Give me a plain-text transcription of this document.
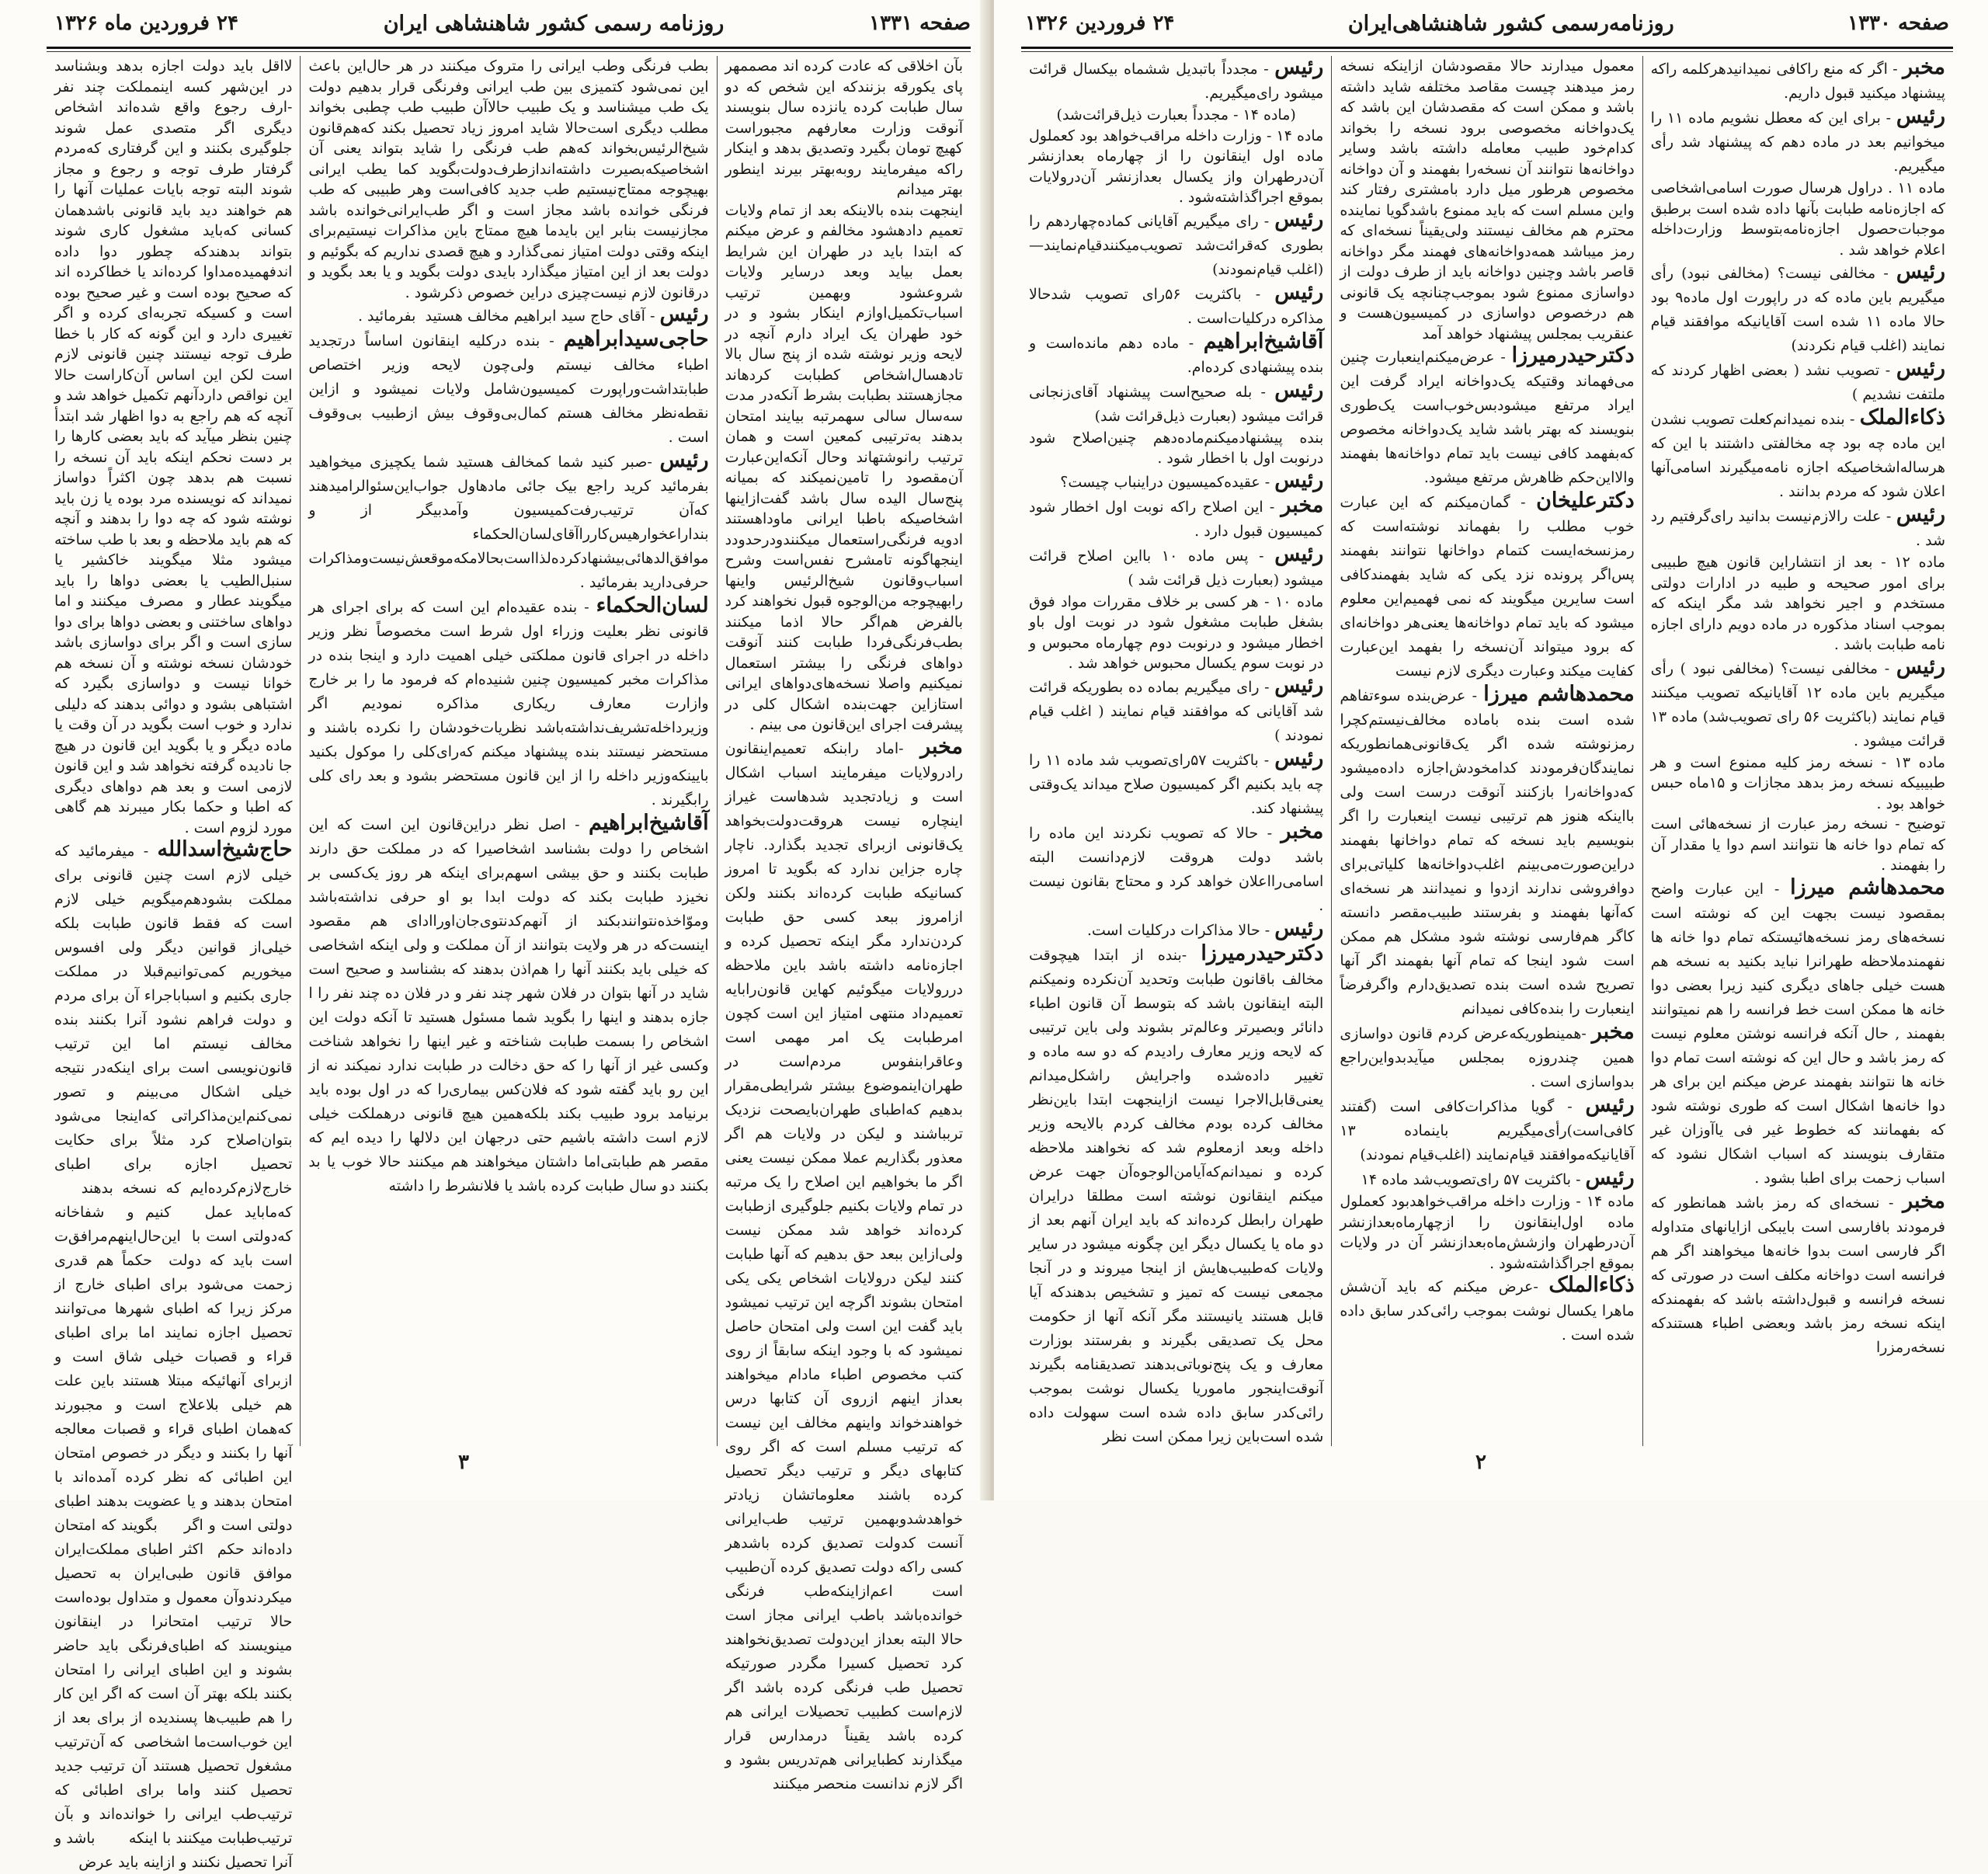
صفحه ۱۳۳۱
روزنامه رسمی کشور شاهنشاهی ایران
۲۴ فروردین ماه ۱۳۲۶

بآن اخلاقی که عادت کرده اند مصممهر پای یکورقه بزنندکه این شخص که دو سال طبابت کرده یانزده سال بنویسند آنوقت وزارت معارفهم مجبوراست کهیچ تومان بگیرد وتصدیق بدهد و اینکار راکه میفرمایند روبه‌بهتر بیرند اینطور بهتر میدانم

اینجهت بنده بالاینکه بعد از تمام ولایات تعمیم دادهشود مخالفم و عرض میکنم که ابتدا باید در طهران این شرایط بعمل بیاید وبعد درسایر ولایات شروعشود وبهمین ترتیب اسباب‌تکمیل‌اوازم اینکار بشود و در خود طهران یک ایراد دارم آنچه در لایحه وزیر نوشته شده از پنج سال بالا تادهسال‌اشخاص کطبابت کردهاند مجازهستند بطبابت بشرط آنکه‌در مدت سه‌سال سالی سهمرتبه بیایند امتحان بدهند به‌ترتیبی کمعین است و همان ترتیب رانوشتهاند وحال آنکه‌این‌عبارت آن‌مقصود را تامین‌نمیکند که بمیانه پنج‌سال الیده سال باشد گفت‌ازاینها اشخاصیکه باطبا ایرانی ماوداهستند ادویه فرنگی‌راستعمال میکنندودرحدودد اینجهاگونه تامشرح نفس‌است وشرح اسباب‌وقانون شیخ‌الرئیس واینها رابهیچوجه من‌الوجوه قبول نخواهند کرد بالفرض هم‌اگر حالا اذما میکنند بطب‌فرنگی‌فردا طبابت کنند آنوقت دواهای فرنگی را بیشتر استعمال نمیکنیم واصلا نسخه‌های‌دواهای ایرانی استازاین جهت‌بنده اشکال کلی در پیشرفت اجرای این‌قانون می بینم .

مخبر -اماد رابنکه تعمیم‌اینقانون رادرولایات میفرمایند اسباب اشکال است و زیادتجدید شدهاست غیراز اینچاره نیست هروقت‌دولت‌بخواهد یک‌قانونی ازبرای تجدید بگذارد. ناچار چاره جزاین ندارد که بگوید تا امروز کسانیکه طبابت کرده‌اند بکنند ولکن ازامروز ببعد کسی حق طبابت کردن‌ندارد مگر اینکه تحصیل کرده و اجازه‌نامه داشته باشد باین ملاحظه دررولایات میگوئیم کهاین قانون‌رابایه تعمیم‌داد منتهی امتیاز این است کچون امرطبابت یک امر مهمی است وعاقرابنفوس مردم‌است در طهران‌اینموضوع بیشتر شرایطی‌مقرار بدهیم که‌اطبای طهران‌بایصحت نزدیک تربباشند و لیکن در ولایات هم اگر معذور بگذاریم عملا ممکن نیست یعنی اگر ما بخواهیم این اصلاح را یک مرتبه در تمام ولایات بکنیم جلوگیری ازطبابت کرده‌اند خواهد شد ممکن نیست ولی‌ازاین ببعد حق بدهیم که آنها طبابت کنند لیکن درولایات اشخاص یکی یکی امتحان بشوند اگرچه این ترتیب نمیشود باید گفت این است ولی امتحان حاصل نمیشود که با وجود اینکه سابقاً از روی کتب مخصوص اطباء مادام میخواهند بعداز اینهم ازروی آن کتابها درس خواهندخواند واینهم مخالف این نیست که ترتیب مسلم است که اگر روی کتابهای دیگر و ترتیب دیگر تحصیل کرده باشند معلوماتشان زیادتر خواهدشدوبهمین ترتیب طب‌ایرانی آنست کدولت تصدیق کرده باشدهر کسی راکه دولت تصدیق کرده آن‌طبیب است اعم‌ازاینکه‌طب فرنگی خوانده‌باشد باطب ایرانی مجاز است حالا البته بعداز این‌دولت تصدیق‌نخواهند کرد تحصیل کسیرا مگردر صورتیکه تحصیل طب فرنگی کرده باشد اگر لازم‌است کطبیب تحصیلات ایرانی هم کرده باشد یقیناً درمدارس قرار میگذارند کطبایرانی هم‌تدریس بشود و اگر لازم ندانست منحصر میکنند

بطب فرنگی وطب ایرانی را متروک میکنند در هر حال‌این باعث این نمی‌شود کتمیزی بین طب ایرانی وفرنگی قرار بدهیم دولت یک طب میشناسد و یک طبیب حالاآن طبیب طب چطبی بخواند مطلب دیگری است‌حالا شاید امروز زیاد تحصیل بکند که‌هم‌قانون شیخ‌الرئیس‌بخواند که‌هم طب فرنگی را شاید بتواند یعنی آن اشخاصیکه‌بصیرت داشته‌اندازطرف‌دولت‌بگوید کما یطب ایرانی بهیچوجه ممتاج‌نیستیم طب جدید کافی‌است وهر طبیبی که طب فرنگی خوانده باشد مجاز است و اگر طب‌ایرانی‌خوانده باشد مجازنیست بنابر این بایدما هیچ ممتاج باین مذاکرات نیستیم‌برای اینکه وقتی دولت امتیاز نمی‌گذارد و هیچ قصدی نداریم که بگوئیم و دولت بعد از این امتیاز میگذارد بایدی دولت بگوید و یا بعد بگوید و درقانون لازم نیست‌چیزی دراین خصوص ذکرشود .

رئیس - آقای حاج سید ابراهیم مخالف هستید ‌ بفرمائید .

حاجی‌سیدابراهیم - بنده درکلیه اینقانون اساساً درتجدید اطباء مخالف نیستم ولی‌چون لایحه وزیر اختصاص طبابتداشت‌وراپورت کمیسیون‌شامل ولایات نمیشود و ازاین نقطه‌نظر‌ مخالف هستم کمال‌بی‌وقوف بیش ازطبیب بی‌وقوف است .

رئیس -صبر کنید شما کمخالف هستید شما یکچیزی میخواهید بفرمائید کرید راجع بیک جائی مادهاول جواب‌این‌سئوالرامیدهند که‌آن ترتیب‌رفت‌کمیسیون وآمدبیگر از و‌ بنداراعخوارهیس‌کارراآقای‌لسان‌الحکماء ‌موافق‌الدهائی‌بیشنهاد‌کرده‌لذا‌است‌بحالا‌مکه‌موقعش‌نیست‌ومذاکرات حرفی‌دارید بفرمائید .

لسان‌الحکماء - بنده عقیده‌ام این است که برای اجرای هر قانونی نظر بعلیت وزراء اول شرط است مخصوصاً نظر وزیر داخله در اجرای قانون مملکتی خیلی اهمیت دارد و اینجا بنده در مذاکرات مخبر کمیسیون چنین شنیده‌ام که فرمود ما را بر خارج وازارت معارف ریکاری مذاکره نمودیم اگر وزیرداخله‌تشریف‌نداشته‌باشد نظریات‌خودشان را نکرده‌ باشند و مستحضر نیستند بنده پیشنهاد میکنم که‌رای‌کلی را موکول بکنید بایینکه‌وزیر داخله را از این قانون مستحضر بشود و بعد رای کلی رابگیرند .

آقاشیخ‌ابراهیم - اصل نظر دراین‌قانون این است که این اشخاص را دولت بشناسد اشخاصیرا که در مملکت حق دارند طبابت بکنند و حق بیشی اسهم‌برای اینکه هر روز یک‌کسی بر نخیزد طبابت بکند که دولت ابدا بو او حرفی نداشته‌باشد وموّاخذه‌نتوانند‌بکند ‌از آنهم‌کدنتوی‌‌جان‌او‌را‌ادای‌ هم مقصود اینست‌که در هر ولایت بتوانند از آن مملکت و ولی اینکه اشخاصی که خیلی باید بکنند آنها را هم‌اذن بدهند که بشناسد و صحیح است شاید در آنها بتوان در فلان شهر چند نفر و در فلان ده چند نفر را ا جازه بدهند و اینها را بگوید شما مسئول هستید تا آنکه دولت این اشخاص را بسمت طبابت شناخته و غیر اینها را نخواهد شناخت وکسی غیر از آنها را که حق دخالت در طبابت ندارد نمیکند نه از این رو باید گفته شود که فلان‌کس بیماری‌را که در اول بوده باید برنیامد برود طبیب بکند بلکه‌همین هیچ قانونی درهملکت خیلی لازم است داشته باشیم حتی درجهان این دلالها را دیده ایم که مقصر هم طبابتی‌اما داشتان میخواهند هم میکنند حالا خوب یا بد بکنند دو سال طبابت کرده‌ باشد یا فلانشرط را داشته

لااقل باید دولت اجازه بدهد وبشناسد در این‌شهر کسه اینمملکت چند نفر -ارف رجوع واقع شده‌اند اشخاص دیگری اگر متصدی عمل شوند جلوگیری بکنند و این گرفتاری که‌مردم گرفتار طرف توجه و رجوع و مجاز شوند البته توجه بایات عملیات آنها را هم خواهند دید باید قانونی باشدهمان کسانی که‌باید مشغول کاری شوند بتواند بدهندکه چطور دوا داده اندفهمیده‌مداوا کرده‌اند یا خطاکرده اند که صحیح بوده است و غیر صحیح بوده است و کسیکه تجربه‌ای کرده و اگر تغییری دارد و این گونه که کار با خطا طرف توجه نیستند چنین قانونی لازم است لکن این اساس آن‌کاراست حالا این نواقص دارد‌آنهم تکمیل خواهد شد و آنچه که هم راجع به دوا اظهار شد ابتدأ چنین بنظر میآید که باید بعضی کارها را بر دست نحکم اینکه باید آن نسخه را نسبت هم بدهد چون اکثراً دواساز نمیداند که نویسنده مرد بوده یا زن باید نوشته شود که چه دوا را بدهند و آنچه که هم باید ملاحظه و بعد با‌ طب ساخته میشود مثلا میگویند خاکشیر یا سنبل‌الطیب یا بعضی دواها را باید میگویند عطار و ‌ ‌مصرف‌‌ ‌ میکنند و اما دواهای ساختنی و بعضی دواها برای دوا سازی است و اگر برای دواسازی باشد خودشان نسخه نوشته و آن نسخه هم خوانا نیست و دواسازی بگیرد که اشتباهی بشود و دوائی بدهند که دلیلی ندارد و خوب است بگوید در آن وقت یا ماده دیگر و یا بگوید این قانون در هیچ جا نادیده گرفته نخواهد شد و این قانون لازمی است و بعد هم دواهای دیگری که اطبا و حکما بکار میبرند هم گاهی مورد لزوم است .

حاج‌شیخ‌اسدالله - میفرمائید که خیلی لازم است چنین قانونی برای مملکت بشود‌هم‌میگویم خیلی لازم است که فقط قانون طبابت بلکه خیلی‌از قوانین دیگر ولی افسوس میخوریم کمی‌توانیم‌قبلا در مملکت جاری بکنیم و اسباباجراء آن برای مردم و دولت فراهم نشود آنرا بکنند بنده مخالف نیستم اما این ترتیب قانون‌نویسی است برای اینکه‌در نتیجه خیلی اشکال می‌بینم و تصور نمی‌کنم‌این‌مذاکراتی که‌اینجا می‌شود بتوان‌اصلاح کرد مثلاً برای حکایت تحصیل اجازه برای اطبای خارج‌لازم‌کرده‌ایم که نسخه بدهند‌ ‌ ‌ ‌ که‌ما‌باید‌‌ عمل ‌ ‌ ‌کنیم و‌ ‌ ‌شفاخانه که‌دولتی است با‌‌ ‌ ‌‌این‌حال‌اینهم‌مرافق‌ت است باید که دولت ‌ حکماً هم قدری زحمت می‌شود برای اطبای خارج از مرکز زیرا که اطبای شهرها می‌توانند تحصیل اجازه نمایند اما برای اطبای قراء و قصبات خیلی شاق است و ازبرای آنهائیکه مبتلا هستند باین علت هم خیلی بلاعلاج است و مجبورند که‌همان اطبای قراء و قصبات معالجه آنها را بکنند و دیگر در خصوص امتحان این اطبائی که نظر کرده آمده‌اند با امتحان بدهند و یا عضویت بدهند اطبای دولتی است و اگر ‌ ‌ ‌ ‌ بگویند که امتحان داده‌اند حکم‌ ‌ اکثر اطبای مملکت‌ایران موافق قانون طبی‌ایران به تحصیل میکردند‌وآن معمول و متداول بوده‌است حالا ترتیب امتحانرا در اینقانون مینویسند که اطبای‌فرنگی باید حاضر بشوند و این اطبای ایرانی را امتحان بکنند بلکه بهتر آن است که اگر این کار را هم طبیب‌ها پسندیده از برای بعد از این خوب‌است‌ما‌ ‌اشخاصی‌ ‌ که‌ آن‌ترتیب مشغول تحصیل هستند آن ترتیب‌‌ جدید تحصیل کنند واما برای اطبائی که ترتیب‌طب ایرانی را خوانده‌اند و بآن ترتیب‌طبابت میکنند با اینکه‌ ‌ ‌ ‌ ‌ ‌ ‌ باشد و آنرا تحصیل نکنند و ازاینه باید عرض

۳
صفحه ۱۳۳۰
روزنامه‌رسمی کشور شاهنشاهی‌ایران
۲۴ فروردین ۱۳۲۶

مخبر - اگر که منع راکافی نمیدانید‌هرکلمه راکه پیشنهاد میکنید قبول داریم.

رئیس - برای این که معطل نشویم ماده ۱۱ را میخوانیم بعد در ماده دهم که پیشنهاد شد رأی میگیریم.

ماده ۱۱ . دراول هرسال صورت اسامی‌اشخاصی که اجازه‌نامه طبابت بآنها داده شده است برطبق موجبات‌حصول اجازه‌نامه‌بتوسط وزارت‌داخله اعلام خواهد شد .

رئیس - مخالفی نیست؟ (مخالفی نبود) رأی میگیریم باین ماده که در راپورت اول ماده۹ بود حالا ماده ۱۱ شده است آقایانیکه موافقند قیام نمایند (اغلب قیام نکردند)

رئیس - تصویب نشد ( بعضی اظهار کردند که ملتفت نشدیم )

ذکاءالملک - بنده نمیدانم‌کعلت تصویب نشدن این ماده چه بود چه مخالفتی داشتند با این که هرساله‌اشخاصیکه اجازه نامه‌میگیرند اسامی‌آنها اعلان شود که مردم بدانند .

رئیس - علت را‌لازم‌نیست بدانید رای‌گرفتیم رد شد .

ماده ۱۲ - بعد از انتشاراین قانون هیچ طبیبی برای امور صحیحه و طبیه در ادارات دولتی مستخدم و اجیر نخواهد شد مگر اینکه که بموجب اسناد مذکوره در ماده دویم دارای اجازه نامه طبابت باشد .

رئیس - مخالفی نیست؟ (مخالفی نبود ) رأی میگیریم باین ماده ۱۲ آقایانیکه تصویب میکنند قیام نمایند (باکثریت ۵۶ رای تصویب‌شد) ماده ۱۳ قرائت میشود .

ماده ۱۳ - نسخه رمز کلیه ممنوع است و هر طبیبیکه نسخه رمز بدهد مجازات و ۱۵ماه حبس خواهد بود .

توضیح - نسخه رمز عبارت از نسخه‌هائی است که تمام دوا خانه ها نتوانند اسم دوا یا مقدار آن را بفهمند .

محمدهاشم میرزا - این عبارت واضح بمقصود نیست بجهت این که نوشته است نسخه‌های رمز نسخه‌هائیستکه تمام دوا خانه ها نفهمندملاحظه طهرانرا نباید بکنید به نسخه هم هست خیلی جاهای دیگری کنید زیرا بعضی دوا خانه ها ممکن است خط فرانسه را هم نمیتوانند بفهمند , حال آنکه فرانسه نوشتن معلوم نیست که رمز باشد و حال این که نوشته است تمام دوا خانه ها نتوانند بفهمند عرض میکنم این برای هر دوا خانه‌ها اشکال است که طوری نوشته شود که بفهمانند که خطوط غیر فی یاآوزان غیر متقارف بنویسند که اسباب اشکال نشود که اسباب زحمت برای اطبا بشود .

مخبر - نسخه‌ای که رمز باشد همانطور که فرمودند بافارسی است بایبکی ازایانهای متداوله اگر فارسی است بدوا خانه‌ها میخواهند اگر هم فرانسه است دواخانه مکلف است در صورتی که نسخه فرانسه و قبول‌داشته باشد که بفهمند‌که اینکه نسخه رمز باشد وبعضی اطباء هستندکه نسخه‌رمزرا

معمول میدارند حالا مقصودشان ازاینکه نسخه رمز میدهند چیست مقاصد مختلفه شاید داشته باشد و ممکن است که مقصدشان این باشد که یک‌دواخانه مخصوصی برود نسخه را بخواند کدام‌خود طبیب معامله داشته باشد وسایر دواخانه‌ها نتوانند آن نسخه‌را بفهمند و آن دواخانه مخصوص هرطور میل دارد بامشتری رفتار کند واین مسلم است که باید ممنوع باشد‌گویا نماینده محترم هم مخالف نیستند ولی‌یقیناً نسخه‌ای که رمز میباشد همه‌دواخانه‌های فهمند مگر دواخانه قاصر باشد وچنین دواخانه باید از طرف دولت از دواسازی ممنوع شود بموجب‌چنانچه‌ یک قانونی هم درخصوص دواسازی در کمیسیون‌هست و عنقریب بمجلس پیشنهاد خواهد آمد

دکترحیدرمیرزا - عرض‌میکنم‌اینعبارت چنین می‌فهماند وقتیکه یک‌دواخانه ایراد گرفت این ایراد مرتفع میشود‌بس‌خوب‌است‌ یک‌طوری بنویسند که بهتر باشد شاید یک‌دواخانه مخصوص که‌بفهمد کافی نیست باید تمام دواخانه‌ها بفهمند والا‌این‌حکم ظاهرش مرتفع میشود.

دکترعلیخان - گمان‌میکنم که این عبارت خوب مطلب را بفهماند نوشته‌است که رمزنسخه‌ایست کتمام دواخانها نتوانند بفهمند پس‌اگر پرونده نزد یکی که شاید بفهمند‌کافی است سایرین میگویند که نمی فهمیم‌این معلوم میشود که باید تمام دواخانه‌ها یعنی‌هر دواخانه‌ای که برود میتواند آن‌نسخه را بفهمد این‌عبارت کفایت میکند وعبارت دیگری لازم نیست

محمدهاشم میرزا - عرض‌بنده سوءتفاهم شده‌‌ است بنده باماده مخالف‌نیستم‌کچرا رمزنوشته شده‌ اگر یک‌قانونی‌همانطوریکه نمایندگان‌فرمودند کدامخودش‌اجازه داده‌میشود که‌دواخانه‌را بازکنند آنوقت درست است ولی بااینکه هنوز هم ترتیبی نیست اینعبارت را اگر بنویسیم باید نسخه که تمام دواخانها بفهمند دراین‌صورت‌می‌بینم اغلب‌دواخانه‌ها کلیاتی‌برای دوافروشی ندارند ازدوا و نمیدانند هر نسخه‌ای که‌آنها بفهمند و بفرستند طبیب‌مقصر دانسته کاگر هم‌فارسی‌ نوشته‌ شود ‌مشکل‌ هم‌ ممکن ‌است ‌ شود اینجا که تمام آنها بفهمند اگر آنها تصریح شده ‌است بنده ‌تصدیق‌دارم واگرفرضاً اینعبارت را بنده‌کافی نمیدانم

مخبر -همینطوریکه‌عرض کردم قانون دواسازی همین چندروزه بمجلس میآید‌بدواین‌راجع بدواسازی است .

رئیس - گویا مذاکرات‌کافی است (گفتند کافی‌است)رأی‌میگیریم باینماده ۱۳ آقایانیکه‌موافقند قیام‌نمایند (اغلب‌قیام نمودند)

رئیس - باکثریت ۵۷ رای‌تصویب‌شد ماده ۱۴

ماده ۱۴ - وزارت داخله مراقب‌خواهدبود کعملول ماده اول‌اینقانون را ازچهارماه‌بعدازنشر آن‌درطهران وازشش‌ماه‌بعدازنشر آن در ولایات بموقع اجراگذاشته‌شود .

ذکاءالملک -عرض میکنم که باید آن‌شش ماهرا یکسال نوشت بموجب رائی‌کدر سابق داده شده است .

رئیس - مجدداً باتبدیل ششماه بیکسال قرائت میشود رای‌میگیریم.

(ماده ۱۴ - مجدداً بعبارت ذیل‌قرائت‌شد)

ماده ۱۴ - وزارت داخله مراقب‌خواهد بود کعملول ماده اول اینقانون را از چهارماه بعدازنشر آن‌درطهران واز یکسال بعدازنشر آن‌درولایات بموقع اجراگذاشته‌شود .

رئیس - رای میگیریم آقایانی کماده‌چهاردهم را بطوری که‌قرائت‌شد تصویب‌میکنندقیام‌نمایند—(اغلب قیام‌نمودند)

رئیس - باکثریت ۵۶رای تصویب شدحالا مذاکره درکلیات‌است .

آقاشیخ‌ابراهیم - ماده دهم مانده‌است و بنده پیشنهادی کرده‌ام.

رئیس - بله صحیح‌است پیشنهاد آقای‌زنجانی قرائت میشود (بعبارت ذیل‌قرائت شد)

بنده پیشنهادمیکنم‌ماده‌دهم چنین‌اصلاح شود درنوبت اول با اخطار شود .

رئیس - عقیده‌کمیسیون دراینباب چیست؟

مخبر - این اصلاح راکه نوبت اول اخطار شود کمیسیون قبول دارد .

رئیس - پس ماده ۱۰ بااین اصلاح قرائت میشود (بعبارت ذیل قرائت شد )

ماده ۱۰ - هر کسی بر خلاف مقررات مواد فوق بشغل طبابت مشغول شود در نوبت اول باو اخطار میشود و درنوبت دوم چهارماه محبوس و در نوبت سوم یکسال محبوس خواهد شد .

رئیس - رای میگیریم بماده ده بطوریکه قرائت شد آقایانی که موافقند قیام نمایند ( اغلب قیام نمودند )

رئیس - باکثریت ۵۷رای‌تصویب شد ماده ۱۱ را چه باید بکنیم اگر کمیسیون صلاح میداند یک‌وقتی پیشنهاد کند.

مخبر - حالا که تصویب نکردند این ماده را باشد دولت هروقت لازم‌دانست البته اسامی‌را‌اعلان خواهد کرد و محتاج بقانون نیست .

رئیس - حالا مذاکرات درکلیات است.

دکترحیدرمیرزا -بنده از ابتدا هیچوقت مخالف باقانون طبابت وتحدید آن‌نکرده ونمیکنم البته اینقانون باشد که بتوسط آن قانون اطباء دانائر وبصیرتر وعالم‌تر بشوند ولی باین ترتیبی که لایحه وزیر معارف رادیدم که دو سه ماده و تغییر داده‌شده واجرایش‌ راشکل‌میدانم یعنی‌قابل‌الاجرا نیست ازاینجهت ابتدا باین‌نظر مخالف کرده‌ بودم مخالف کردم بالایحه وزیر داخله وبعد ازمعلوم شد که نخواهند ملاحظه کرده و نمیدانم‌که‌آیامن‌الوجوه‌آن جهت عرض میکنم اینقانون نوشته است مطلقا درایران طهران رابطل کرده‌اند که باید ایران آنهم بعد از دو ماه یا یکسال دیگر این چگونه میشود در سایر ولایات که‌طبیب‌هایش از اینجا میروند و در آنجا مجمعی نیست که تمیز و تشخیص بدهندکه آیا قابل هستند یانیستند مگر آنکه آنها از حکومت محل یک تصدیقی بگیرند و بفرستند بوزارت معارف و یک پنج‌نوباتی‌بدهند تصدیقنامه بگیرند آنوقت‌اینجور ماموریا یکسال نوشت بموجب رائی‌کدر سابق داده شده است سهولت داده شده است‌باین‌ زیرا ممکن است نظر

۲
